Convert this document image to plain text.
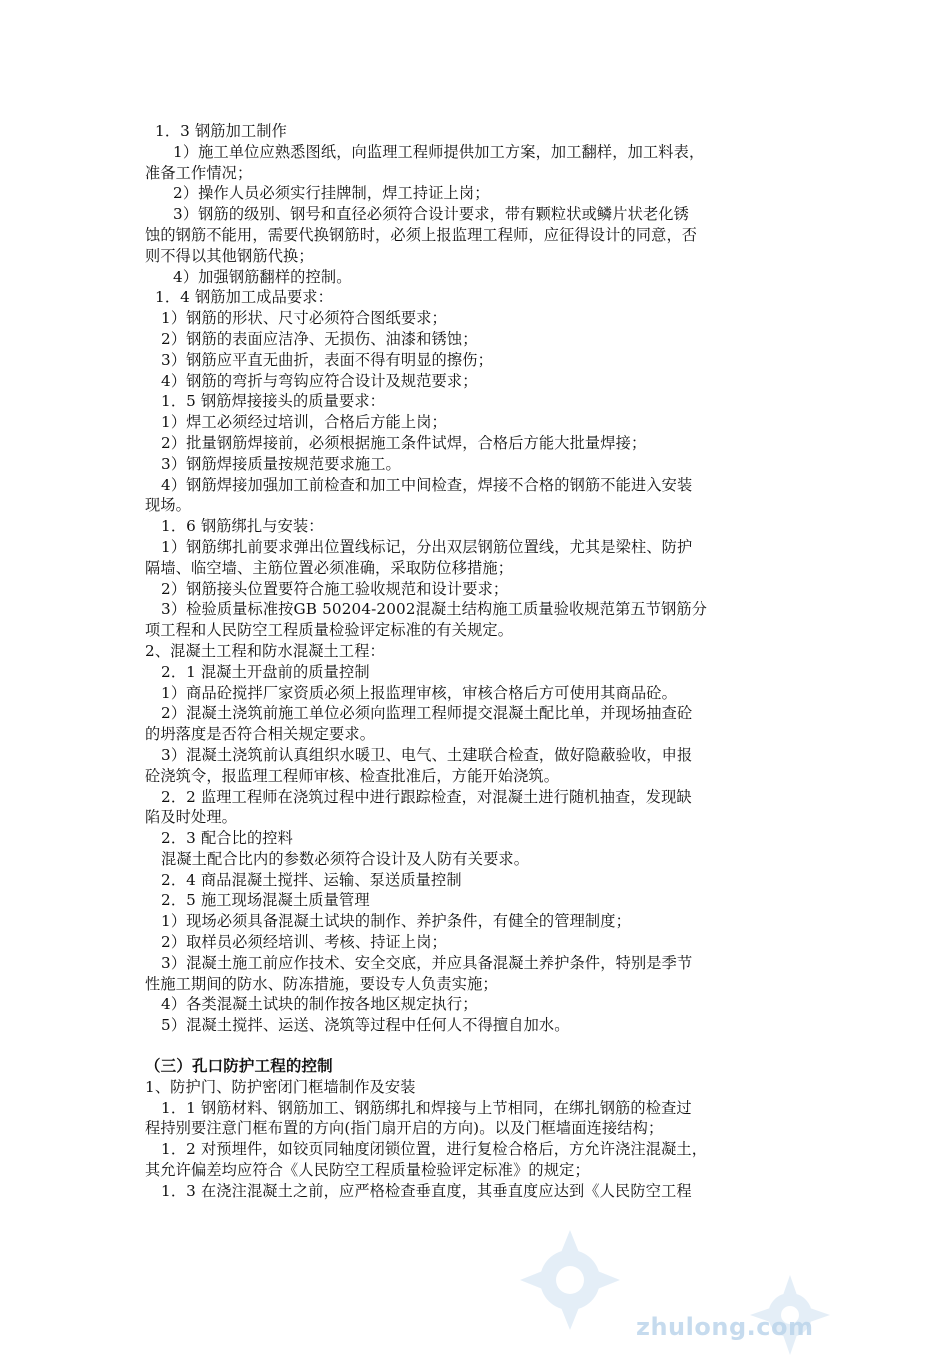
zhulong.com
1．3 钢筋加工制作
1）施工单位应熟悉图纸，向监理工程师提供加工方案，加工翻样，加工料表，
准备工作情况；
2）操作人员必须实行挂牌制，焊工持证上岗；
3）钢筋的级别、钢号和直径必须符合设计要求，带有颗粒状或鳞片状老化锈
蚀的钢筋不能用，需要代换钢筋时，必须上报监理工程师，应征得设计的同意，否
则不得以其他钢筋代换；
4）加强钢筋翻样的控制。
1．4 钢筋加工成品要求：
1）钢筋的形状、尺寸必须符合图纸要求；
2）钢筋的表面应洁净、无损伤、油漆和锈蚀；
3）钢筋应平直无曲折，表面不得有明显的擦伤；
4）钢筋的弯折与弯钩应符合设计及规范要求；
1．5 钢筋焊接接头的质量要求：
1）焊工必须经过培训，合格后方能上岗；
2）批量钢筋焊接前，必须根据施工条件试焊，合格后方能大批量焊接；
3）钢筋焊接质量按规范要求施工。
4）钢筋焊接加强加工前检查和加工中间检查，焊接不合格的钢筋不能进入安装
现场。
1．6 钢筋绑扎与安装：
1）钢筋绑扎前要求弹出位置线标记，分出双层钢筋位置线，尤其是梁柱、防护
隔墙、临空墙、主筋位置必须准确，采取防位移措施；
2）钢筋接头位置要符合施工验收规范和设计要求；
3）检验质量标准按GB 50204-2002混凝土结构施工质量验收规范第五节钢筋分
项工程和人民防空工程质量检验评定标准的有关规定。
2、混凝土工程和防水混凝土工程：
2．1 混凝土开盘前的质量控制
1）商品砼搅拌厂家资质必须上报监理审核，审核合格后方可使用其商品砼。
2）混凝土浇筑前施工单位必须向监理工程师提交混凝土配比单，并现场抽查砼
的坍落度是否符合相关规定要求。
3）混凝土浇筑前认真组织水暖卫、电气、土建联合检查，做好隐蔽验收，申报
砼浇筑令，报监理工程师审核、检查批准后，方能开始浇筑。
2．2 监理工程师在浇筑过程中进行跟踪检查，对混凝土进行随机抽查，发现缺
陷及时处理。
2．3 配合比的控料
混凝土配合比内的参数必须符合设计及人防有关要求。
2．4 商品混凝土搅拌、运输、泵送质量控制
2．5 施工现场混凝土质量管理
1）现场必须具备混凝土试块的制作、养护条件，有健全的管理制度；
2）取样员必须经培训、考核、持证上岗；
3）混凝土施工前应作技术、安全交底，并应具备混凝土养护条件，特别是季节
性施工期间的防水、防冻措施，要设专人负责实施；
4）各类混凝土试块的制作按各地区规定执行；
5）混凝土搅拌、运送、浇筑等过程中任何人不得擅自加水。
（三）孔口防护工程的控制
1、防护门、防护密闭门框墙制作及安装
1．1 钢筋材料、钢筋加工、钢筋绑扎和焊接与上节相同，在绑扎钢筋的检查过
程持别要注意门框布置的方向(指门扇开启的方向)。以及门框墙面连接结构；
1．2 对预埋件，如铰页同轴度闭锁位置，进行复检合格后，方允许浇注混凝土，
其允许偏差均应符合《人民防空工程质量检验评定标准》的规定；
1．3 在浇注混凝土之前，应严格检查垂直度，其垂直度应达到《人民防空工程
